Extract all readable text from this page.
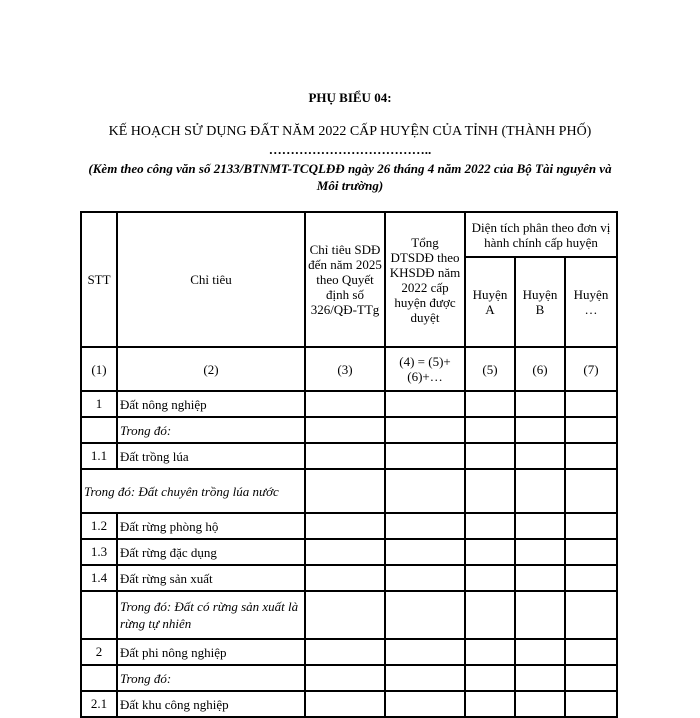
PHỤ BIỂU 04:
KẾ HOẠCH SỬ DỤNG ĐẤT NĂM 2022 CẤP HUYỆN CỦA TỈNH (THÀNH PHỐ)
………………………………..
(Kèm theo công văn số 2133/BTNMT-TCQLĐĐ ngày 26 tháng 4 năm 2022 của Bộ Tài nguyên và Môi trường)
STT	Chỉ tiêu	Chỉ tiêu SDĐ đến năm 2025 theo Quyết định số 326/QĐ-TTg	Tổng DTSDĐ theo KHSDĐ năm 2022 cấp huyện được duyệt	Diện tích phân theo đơn vị hành chính cấp huyện		
				Huyện A	Huyện B	Huyện …
(1)	(2)	(3)	(4) = (5)+(6)+…	(5)	(6)	(7)
1	Đất nông nghiệp					
	Trong đó:					
1.1	Đất trồng lúa					
Trong đó: Đất chuyên trồng lúa nước						
1.2	Đất rừng phòng hộ					
1.3	Đất rừng đặc dụng					
1.4	Đất rừng sản xuất					
	Trong đó: Đất có rừng sản xuất là rừng tự nhiên					
2	Đất phi nông nghiệp					
	Trong đó:					
2.1	Đất khu công nghiệp					
